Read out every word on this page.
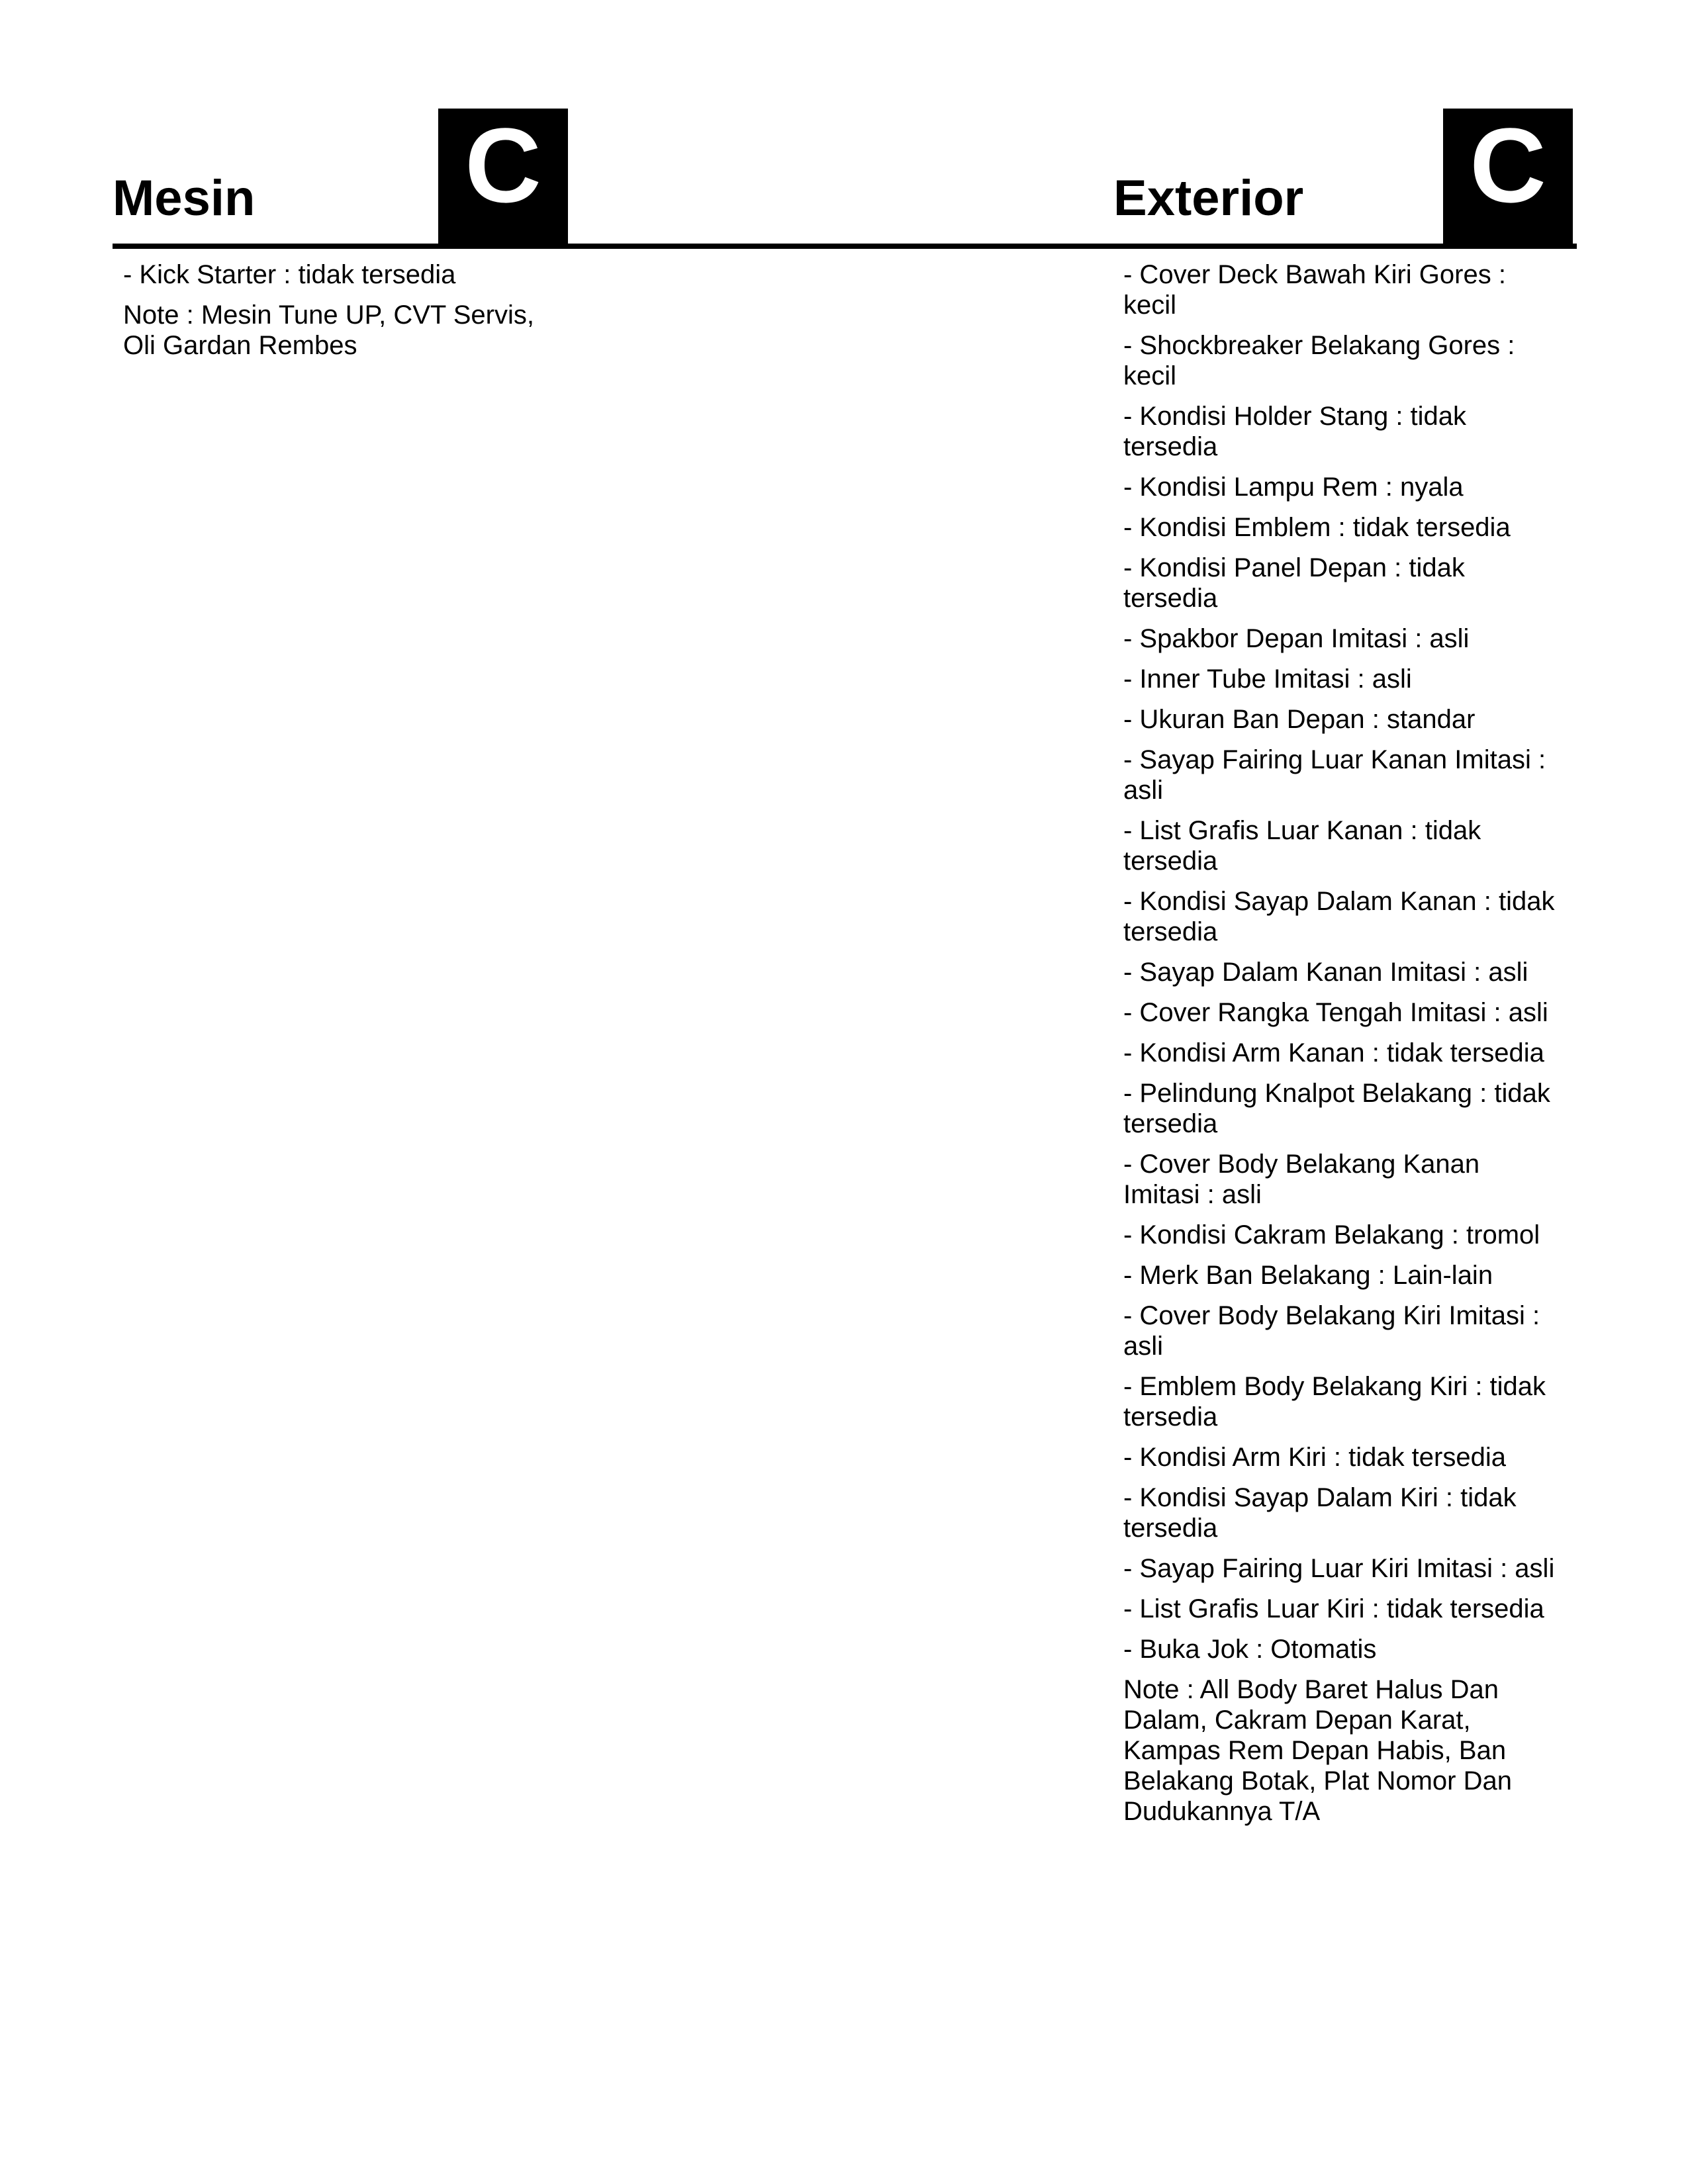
Mesin C	Exterior C

- Kick Starter : tidak tersedia

Note : Mesin Tune UP, CVT Servis, Oli Gardan Rembes

- Cover Deck Bawah Kiri Gores : kecil

- Shockbreaker Belakang Gores : kecil

- Kondisi Holder Stang : tidak tersedia

- Kondisi Lampu Rem : nyala

- Kondisi Emblem : tidak tersedia

- Kondisi Panel Depan : tidak tersedia

- Spakbor Depan Imitasi : asli

- Inner Tube Imitasi : asli

- Ukuran Ban Depan : standar

- Sayap Fairing Luar Kanan Imitasi : asli

- List Grafis Luar Kanan : tidak tersedia

- Kondisi Sayap Dalam Kanan : tidak tersedia

- Sayap Dalam Kanan Imitasi : asli

- Cover Rangka Tengah Imitasi : asli

- Kondisi Arm Kanan : tidak tersedia

- Pelindung Knalpot Belakang : tidak tersedia

- Cover Body Belakang Kanan Imitasi : asli

- Kondisi Cakram Belakang : tromol

- Merk Ban Belakang : Lain-lain

- Cover Body Belakang Kiri Imitasi : asli

- Emblem Body Belakang Kiri : tidak tersedia

- Kondisi Arm Kiri : tidak tersedia

- Kondisi Sayap Dalam Kiri : tidak tersedia

- Sayap Fairing Luar Kiri Imitasi : asli

- List Grafis Luar Kiri : tidak tersedia

- Buka Jok : Otomatis

Note : All Body Baret Halus Dan Dalam, Cakram Depan Karat, Kampas Rem Depan Habis, Ban Belakang Botak, Plat Nomor Dan Dudukannya T/A
